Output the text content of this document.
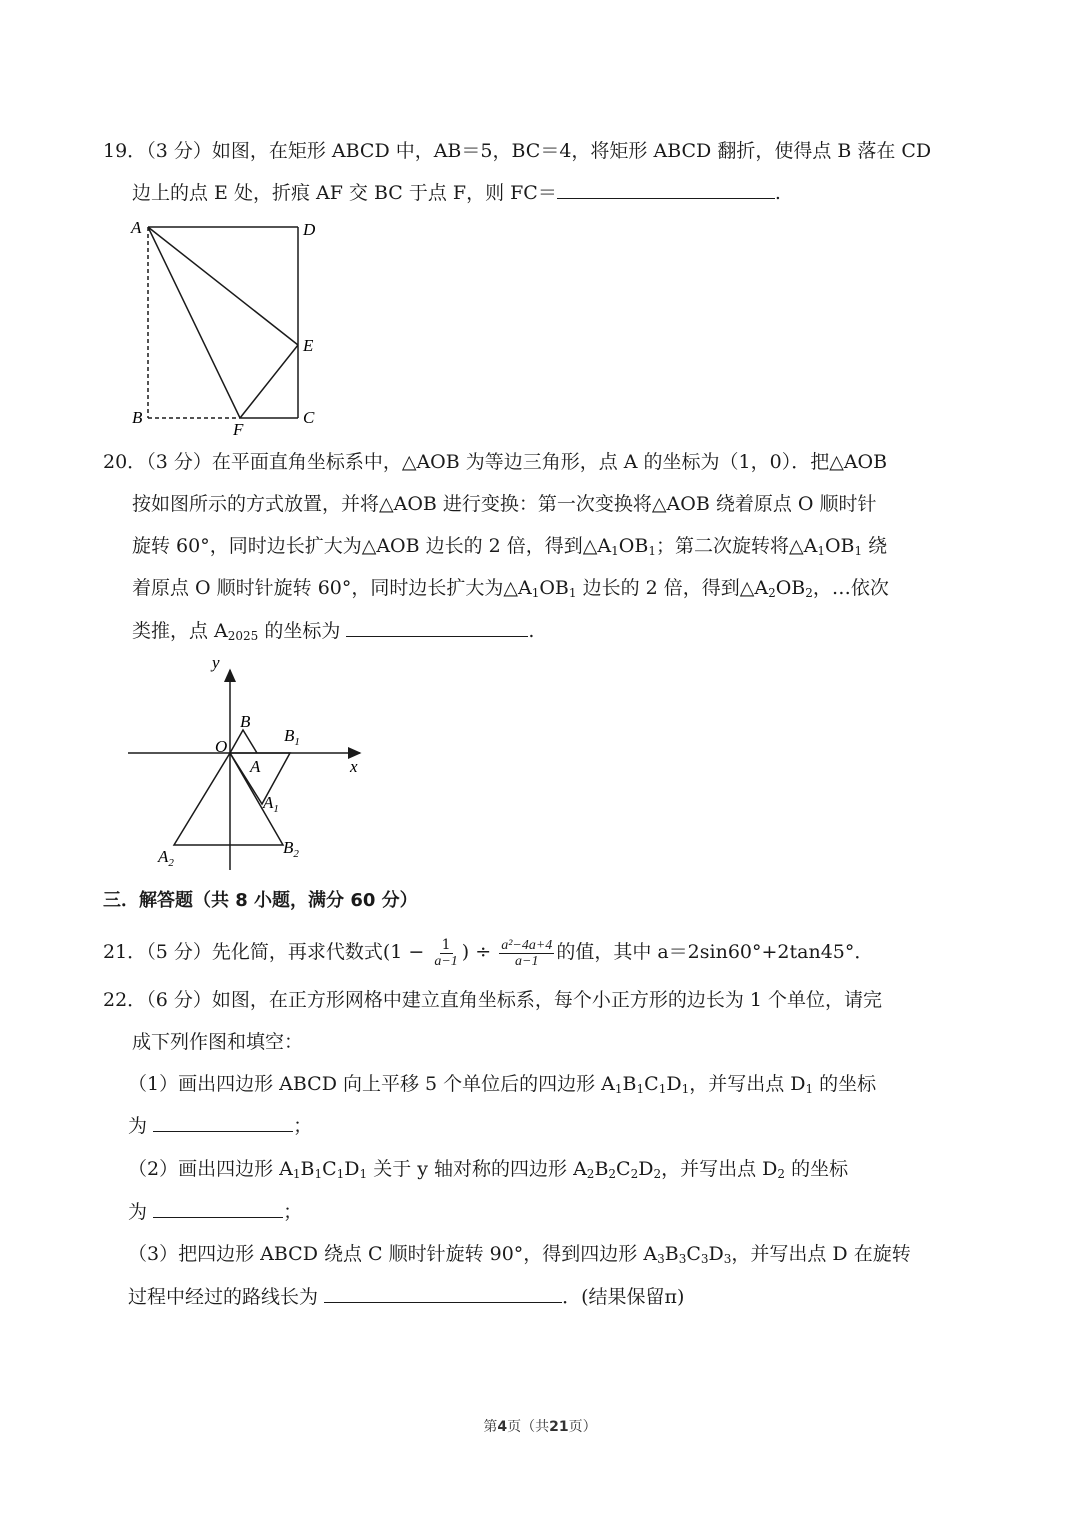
19．（3 分）如图，在矩形 ABCD 中，AB＝5，BC＝4，将矩形 ABCD 翻折，使得点 B 落在 CD
边上的点 E 处，折痕 AF 交 BC 于点 F，则 FC＝	.
A	D
E
B	C
F
20．（3 分）在平面直角坐标系中，△AOB 为等边三角形，点 A 的坐标为（1，0）．把△AOB
按如图所示的方式放置，并将△AOB 进行变换：第一次变换将△AOB 绕着原点 O 顺时针
旋转 60°，同时边长扩大为△AOB 边长的 2 倍，得到$\triangle A_1OB_1$；第二次旋转将$\triangle A_1OB_1$ 绕
着原点 O 顺时针旋转 60°，同时边长扩大为$\triangle A_1OB_1$ 边长的 2 倍，得到$\triangle A_2OB_2$，…依次
类推，点 $A_{2025}$ 的坐标为	.
y
x
O
B
A
$B_1$
$A_1$
$A_2$
$B_2$
三．解答题（共 8 小题，满分 60 分）
21．（5 分）先化简，再求代数式($1 - \frac{1}{a-1}$ ) ÷ $\frac{\text{a²−4a+4}}{a-1}$ 的值，其中 a＝2sin60°+2tan45°．
22．（6 分）如图，在正方形网格中建立直角坐标系，每个小正方形的边长为 1 个单位，请完
成下列作图和填空：
（1）画出四边形 ABCD 向上平移 5 个单位后的四边形 $A_1B_1C_1D_1$，并写出点 $D_1$ 的坐标
为	；
（2）画出四边形 $A_1B_1C_1D_1$ 关于 y 轴对称的四边形 $A_2B_2C_2D_2$，并写出点 $D_2$ 的坐标
为	；
（3）把四边形 ABCD 绕点 C 顺时针旋转 90°，得到四边形 $A_3B_3C_3D_3$，并写出点 D 在旋转
过程中经过的路线长为	．(结果保留π)
第4页（共21页）
